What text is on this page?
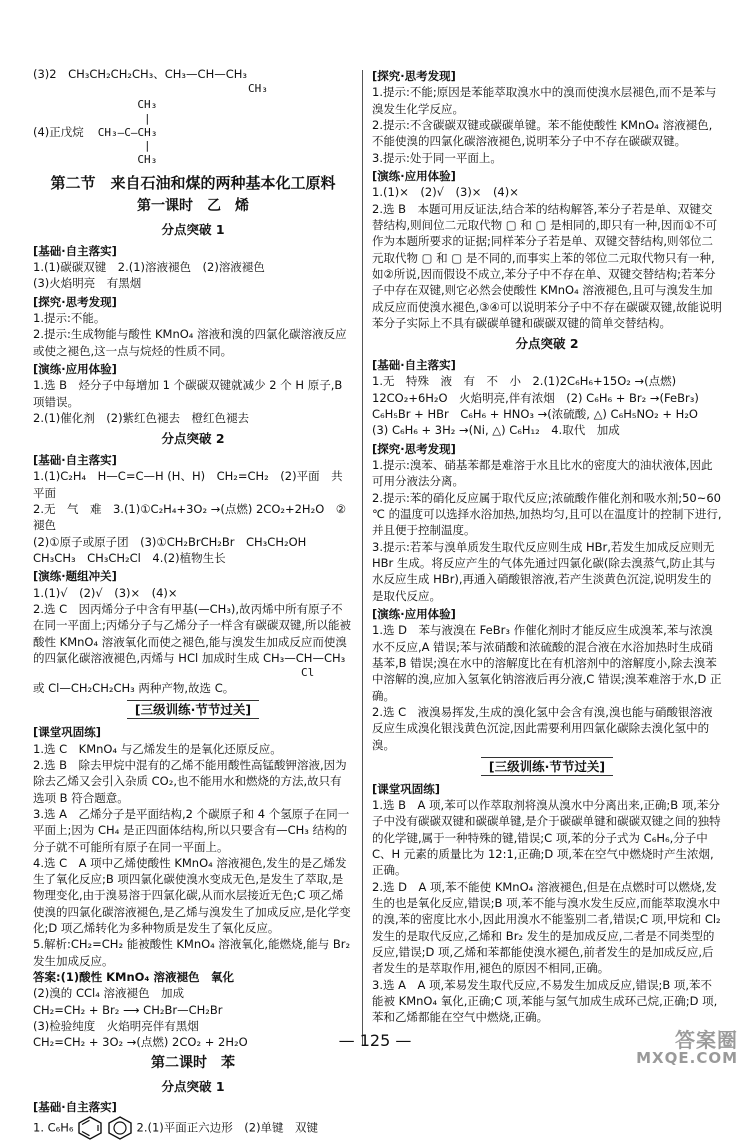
(3)2　CH₃CH₂CH₂CH₃、CH₃—CH—CH₃

CH₃

(4)正戊烷
　　　 CH₃
　　　  |
CH₃—C—CH₃
　　　  |
　　　 CH₃
第二节　来自石油和煤的两种基本化工原料
第一课时　乙　烯
分点突破 1

[基础·自主落实]

1.(1)碳碳双键　2.(1)溶液褪色　(2)溶液褪色

(3)火焰明亮　有黑烟

[探究·思考发现]

1.提示:不能。

2.提示:生成物能与酸性 KMnO₄ 溶液和溴的四氯化碳溶液反应或使之褪色,这一点与烷烃的性质不同。

[演练·应用体验]

1.选 B　烃分子中每增加 1 个碳碳双键就减少 2 个 H 原子,B 项错误。

2.(1)催化剂　(2)紫红色褪去　橙红色褪去

分点突破 2

[基础·自主落实]

1.(1)C₂H₄　H—C=C—H (H、H)　CH₂=CH₂　(2)平面　共平面

2.无　气　难　3.(1)①C₂H₄+3O₂ →(点燃) 2CO₂+2H₂O　②褪色

(2)①原子或原子团　(3)①CH₂BrCH₂Br　CH₃CH₂OH

CH₃CH₃　CH₃CH₂Cl　4.(2)植物生长

[演练·题组冲关]

1.(1)√　(2)√　(3)×　(4)×

2.选 C　因丙烯分子中含有甲基(—CH₃),故丙烯中所有原子不在同一平面上;丙烯分子与乙烯分子一样含有碳碳双键,所以能被酸性 KMnO₄ 溶液氧化而使之褪色,能与溴发生加成反应而使溴的四氯化碳溶液褪色,丙烯与 HCl 加成时生成 CH₃—CH—CH₃

Cl

或 Cl—CH₂CH₂CH₃ 两种产物,故选 C。

[三级训练·节节过关]

[课堂巩固练]

1.选 C　KMnO₄ 与乙烯发生的是氧化还原反应。

2.选 B　除去甲烷中混有的乙烯不能用酸性高锰酸钾溶液,因为除去乙烯又会引入杂质 CO₂,也不能用水和燃烧的方法,故只有选项 B 符合题意。

3.选 A　乙烯分子是平面结构,2 个碳原子和 4 个氢原子在同一平面上;因为 CH₄ 是正四面体结构,所以只要含有—CH₃ 结构的分子就不可能所有原子在同一平面上。

4.选 C　A 项中乙烯使酸性 KMnO₄ 溶液褪色,发生的是乙烯发生了氧化反应;B 项四氯化碳使溴水变成无色,是发生了萃取,是物理变化,由于溴易溶于四氯化碳,从而水层接近无色;C 项乙烯使溴的四氯化碳溶液褪色,是乙烯与溴发生了加成反应,是化学变化;D 项乙烯转化为多种物质是发生了氧化反应。

5.解析:CH₂=CH₂ 能被酸性 KMnO₄ 溶液氧化,能燃烧,能与 Br₂ 发生加成反应。

答案:(1)酸性 KMnO₄ 溶液褪色　氧化

(2)溴的 CCl₄ 溶液褪色　加成

CH₂=CH₂ + Br₂ ⟶ CH₂Br—CH₂Br

(3)检验纯度　火焰明亮伴有黑烟

CH₂=CH₂ + 3O₂ →(点燃) 2CO₂ + 2H₂O

第二课时　苯
分点突破 1

[基础·自主落实]

1. C₆H₆	2.(1)平面正六边形　(2)单键　双键

[探究·思考发现]

1.提示:不能;原因是苯能萃取溴水中的溴而使溴水层褪色,而不是苯与溴发生化学反应。

2.提示:不含碳碳双键或碳碳单键。苯不能使酸性 KMnO₄ 溶液褪色,不能使溴的四氯化碳溶液褪色,说明苯分子中不存在碳碳双键。

3.提示:处于同一平面上。

[演练·应用体验]

1.(1)×　(2)√　(3)×　(4)×

2.选 B　本题可用反证法,结合苯的结构解答,苯分子若是单、双键交替结构,则间位二元取代物 ▢ 和 ▢ 是相同的,即只有一种,因而①不可作为本题所要求的证据;同样苯分子若是单、双键交替结构,则邻位二元取代物 ▢ 和 ▢ 是不同的,而事实上苯的邻位二元取代物只有一种,如②所说,因而假设不成立,苯分子中不存在单、双键交替结构;若苯分子中存在双键,则它必然会使酸性 KMnO₄ 溶液褪色,且可与溴发生加成反应而使溴水褪色,③④可以说明苯分子中不存在碳碳双键,故能说明苯分子实际上不具有碳碳单键和碳碳双键的简单交替结构。

分点突破 2

[基础·自主落实]

1.无　特殊　液　有　不　小　2.(1)2C₆H₆+15O₂ →(点燃) 12CO₂+6H₂O　火焰明亮,伴有浓烟　(2) C₆H₆ + Br₂ →(FeBr₃) C₆H₅Br + HBr　C₆H₆ + HNO₃ →(浓硫酸, △) C₆H₅NO₂ + H₂O

(3) C₆H₆ + 3H₂ →(Ni, △) C₆H₁₂　4.取代　加成

[探究·思考发现]

1.提示:溴苯、硝基苯都是难溶于水且比水的密度大的油状液体,因此可用分液法分离。

2.提示:苯的硝化反应属于取代反应;浓硫酸作催化剂和吸水剂;50~60 ℃ 的温度可以选择水浴加热,加热均匀,且可以在温度计的控制下进行,并且便于控制温度。

3.提示:若苯与溴单质发生取代反应则生成 HBr,若发生加成反应则无 HBr 生成。将反应产生的气体先通过四氯化碳(除去溴蒸气,防止其与水反应生成 HBr),再通入硝酸银溶液,若产生淡黄色沉淀,说明发生的是取代反应。

[演练·应用体验]

1.选 D　苯与液溴在 FeBr₃ 作催化剂时才能反应生成溴苯,苯与浓溴水不反应,A 错误;苯与浓硝酸和浓硫酸的混合液在水浴加热时生成硝基苯,B 错误;溴在水中的溶解度比在有机溶剂中的溶解度小,除去溴苯中溶解的溴,应加入氢氧化钠溶液后再分液,C 错误;溴苯难溶于水,D 正确。

2.选 C　液溴易挥发,生成的溴化氢中会含有溴,溴也能与硝酸银溶液反应生成溴化银浅黄色沉淀,因此需要利用四氯化碳除去溴化氢中的溴。

[三级训练·节节过关]

[课堂巩固练]

1.选 B　A 项,苯可以作萃取剂将溴从溴水中分离出来,正确;B 项,苯分子中没有碳碳双键和碳碳单键,是介于碳碳单键和碳碳双键之间的独特的化学键,属于一种特殊的键,错误;C 项,苯的分子式为 C₆H₆,分子中 C、H 元素的质量比为 12:1,正确;D 项,苯在空气中燃烧时产生浓烟,正确。

2.选 D　A 项,苯不能使 KMnO₄ 溶液褪色,但是在点燃时可以燃烧,发生的也是氧化反应,错误;B 项,苯不能与溴水发生反应,而能萃取溴水中的溴,苯的密度比水小,因此用溴水不能鉴别二者,错误;C 项,甲烷和 Cl₂ 发生的是取代反应,乙烯和 Br₂ 发生的是加成反应,二者是不同类型的反应,错误;D 项,乙烯和苯都能使溴水褪色,前者发生的是加成反应,后者发生的是萃取作用,褪色的原因不相同,正确。

3.选 A　A 项,苯易发生取代反应,不易发生加成反应,错误;B 项,苯不能被 KMnO₄ 氧化,正确;C 项,苯能与氢气加成生成环己烷,正确;D 项,苯和乙烯都能在空气中燃烧,正确。

— 125 —	答案圈
MXQE.COM
